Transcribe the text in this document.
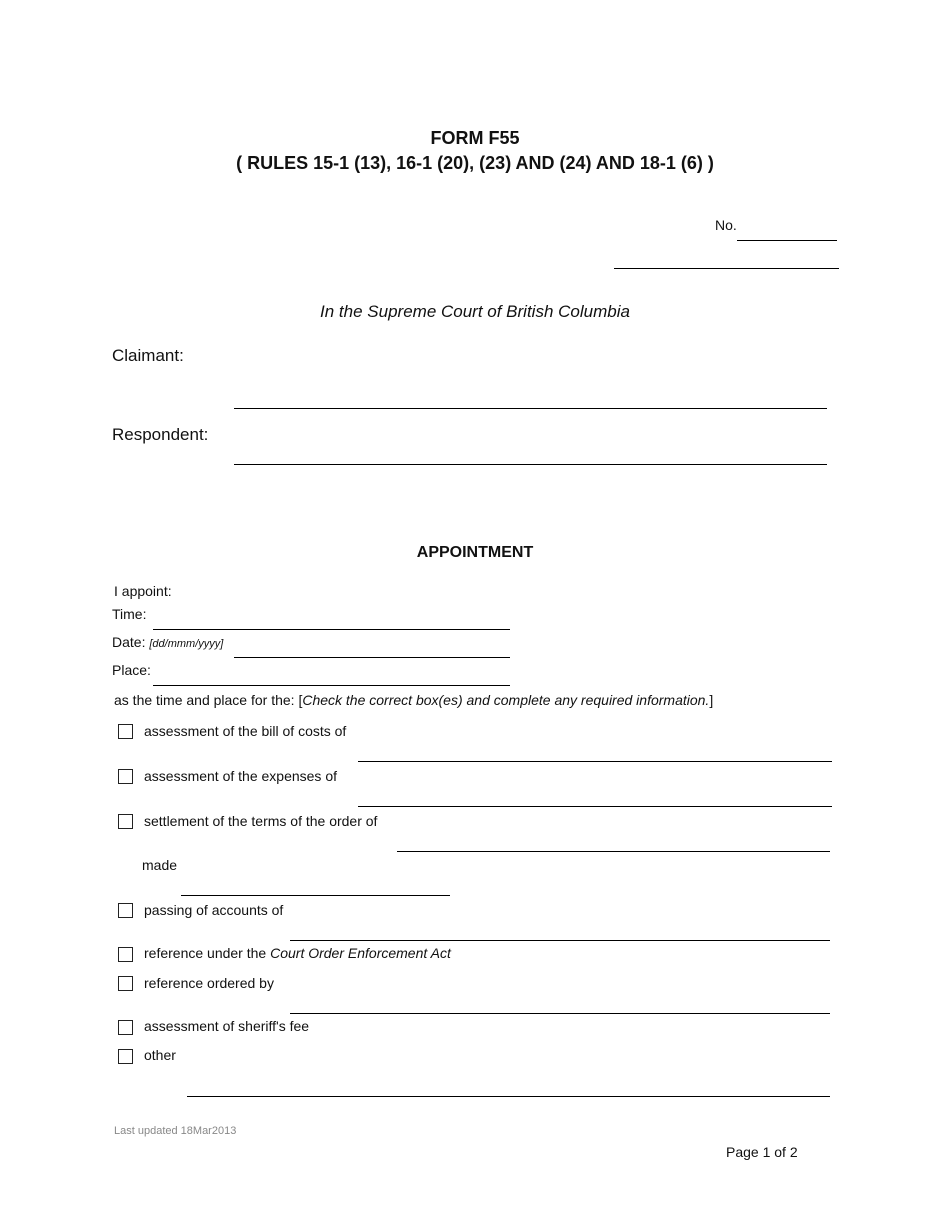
FORM F55
( RULES 15-1 (13), 16-1 (20), (23) AND (24) AND 18-1 (6) )
No.
In the Supreme Court of British Columbia
Claimant:
Respondent:
APPOINTMENT
I appoint:
Time:
Date: [dd/mmm/yyyy]
Place:
as the time and place for the: [Check the correct box(es) and complete any required information.]
assessment of the bill of costs of
assessment of the expenses of
settlement of the terms of the order of
made
passing of accounts of
reference under the Court Order Enforcement Act
reference ordered by
assessment of sheriff's fee
other
Last updated 18Mar2013
Page 1 of 2
